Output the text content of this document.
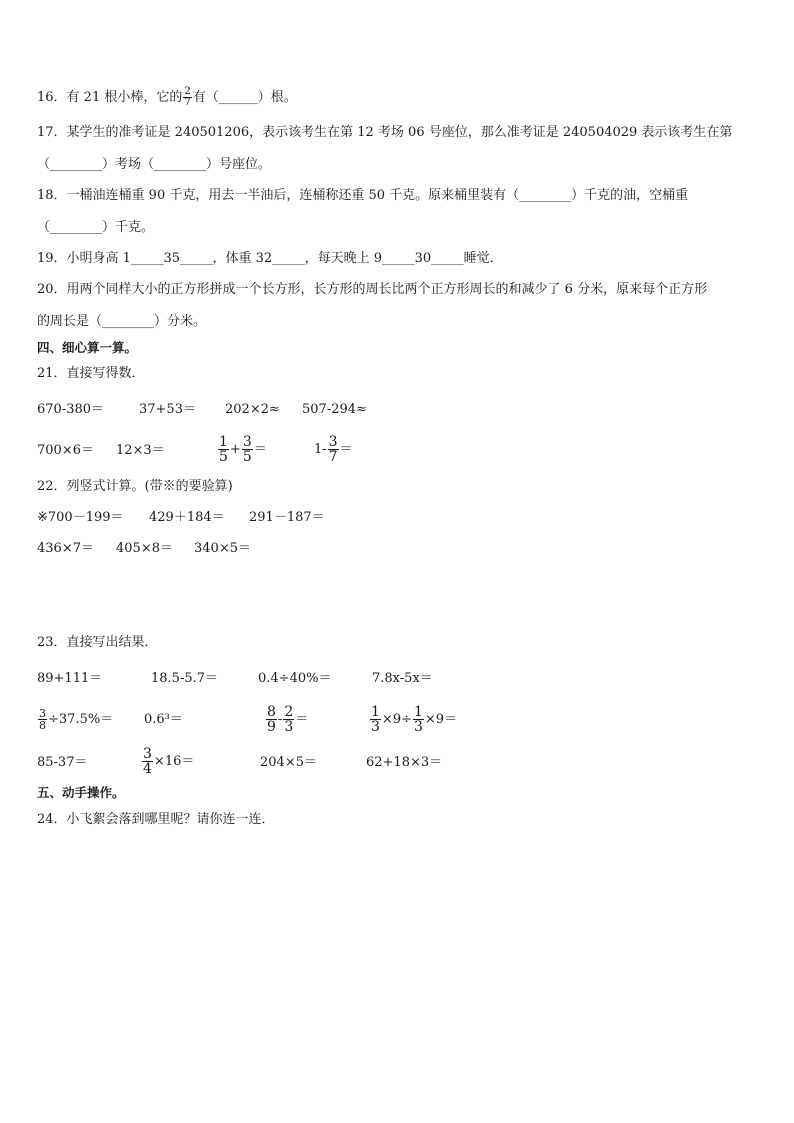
16．有 21 根小棒，它的 $\frac{2}{7}$ 有（______）根。
17．某学生的准考证是 240501206，表示该考生在第 12 考场 06 号座位，那么准考证是 240504029 表示该考生在第
（________）考场（________）号座位。
18．一桶油连桶重 90 千克，用去一半油后，连桶称还重 50 千克。原来桶里装有（________）千克的油，空桶重
（________）千克。
19．小明身高 1_____35_____，体重 32_____，每天晚上 9_____30_____睡觉．
20．用两个同样大小的正方形拼成一个长方形，长方形的周长比两个正方形周长的和减少了 6 分米，原来每个正方形
的周长是（________）分米。
四、细心算一算。
21．直接写得数．
670-380＝	37+53＝ 202×2≈ 507-294≈
700×6＝ 12×3＝	$\frac{1}{5} + \frac{3}{5}$ ＝	$1- \frac{3}{7}$ ＝
22．列竖式计算。(带※的要验算)
※700－199＝ 429＋184＝ 291－187＝
436×7＝ 405×8＝ 340×5＝
23．直接写出结果．
89+111＝	18.5-5.7＝	0.4÷40%＝	7.8x-5x＝
$\frac{3}{8} \div 37.5\%= 0.6^3=$	$\frac{8}{9} - \frac{2}{3}$ ＝	$\frac{1}{3} \times 9\div \frac{1}{3} \times 9=$
85-37＝	$\frac{3}{4} \times 16=$	204×5＝	62+18×3＝
五、动手操作。
24．小飞絮会落到哪里呢？请你连一连．
